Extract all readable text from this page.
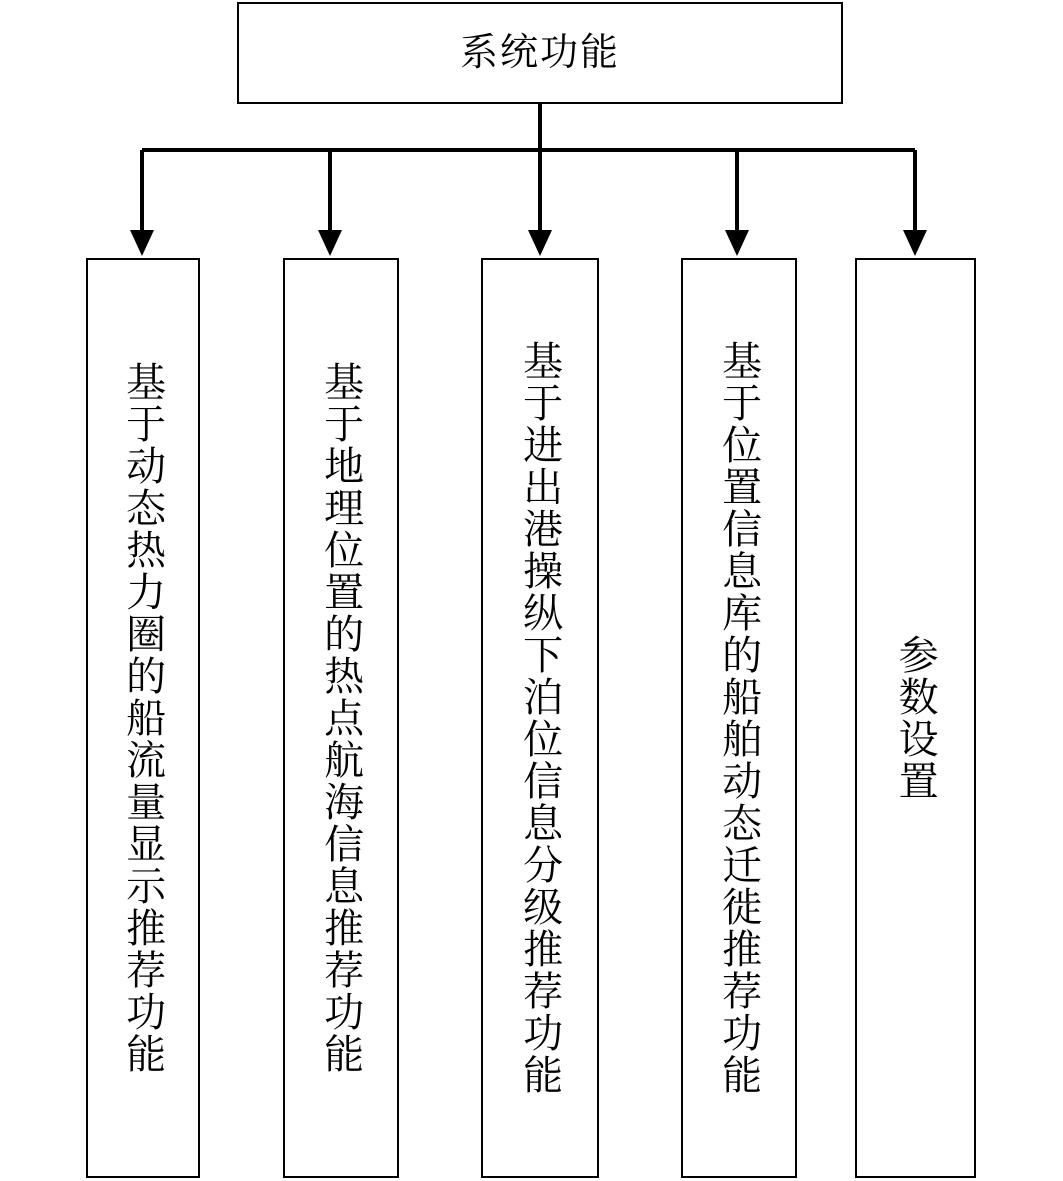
系统功能
基于动态热力圈的船流量显示推荐功能	基于地理位置的热点航海信息推荐功能	基于进出港操纵下泊位信息分级推荐功能	基于位置信息库的船舶动态迁徙推荐功能	参数设置
